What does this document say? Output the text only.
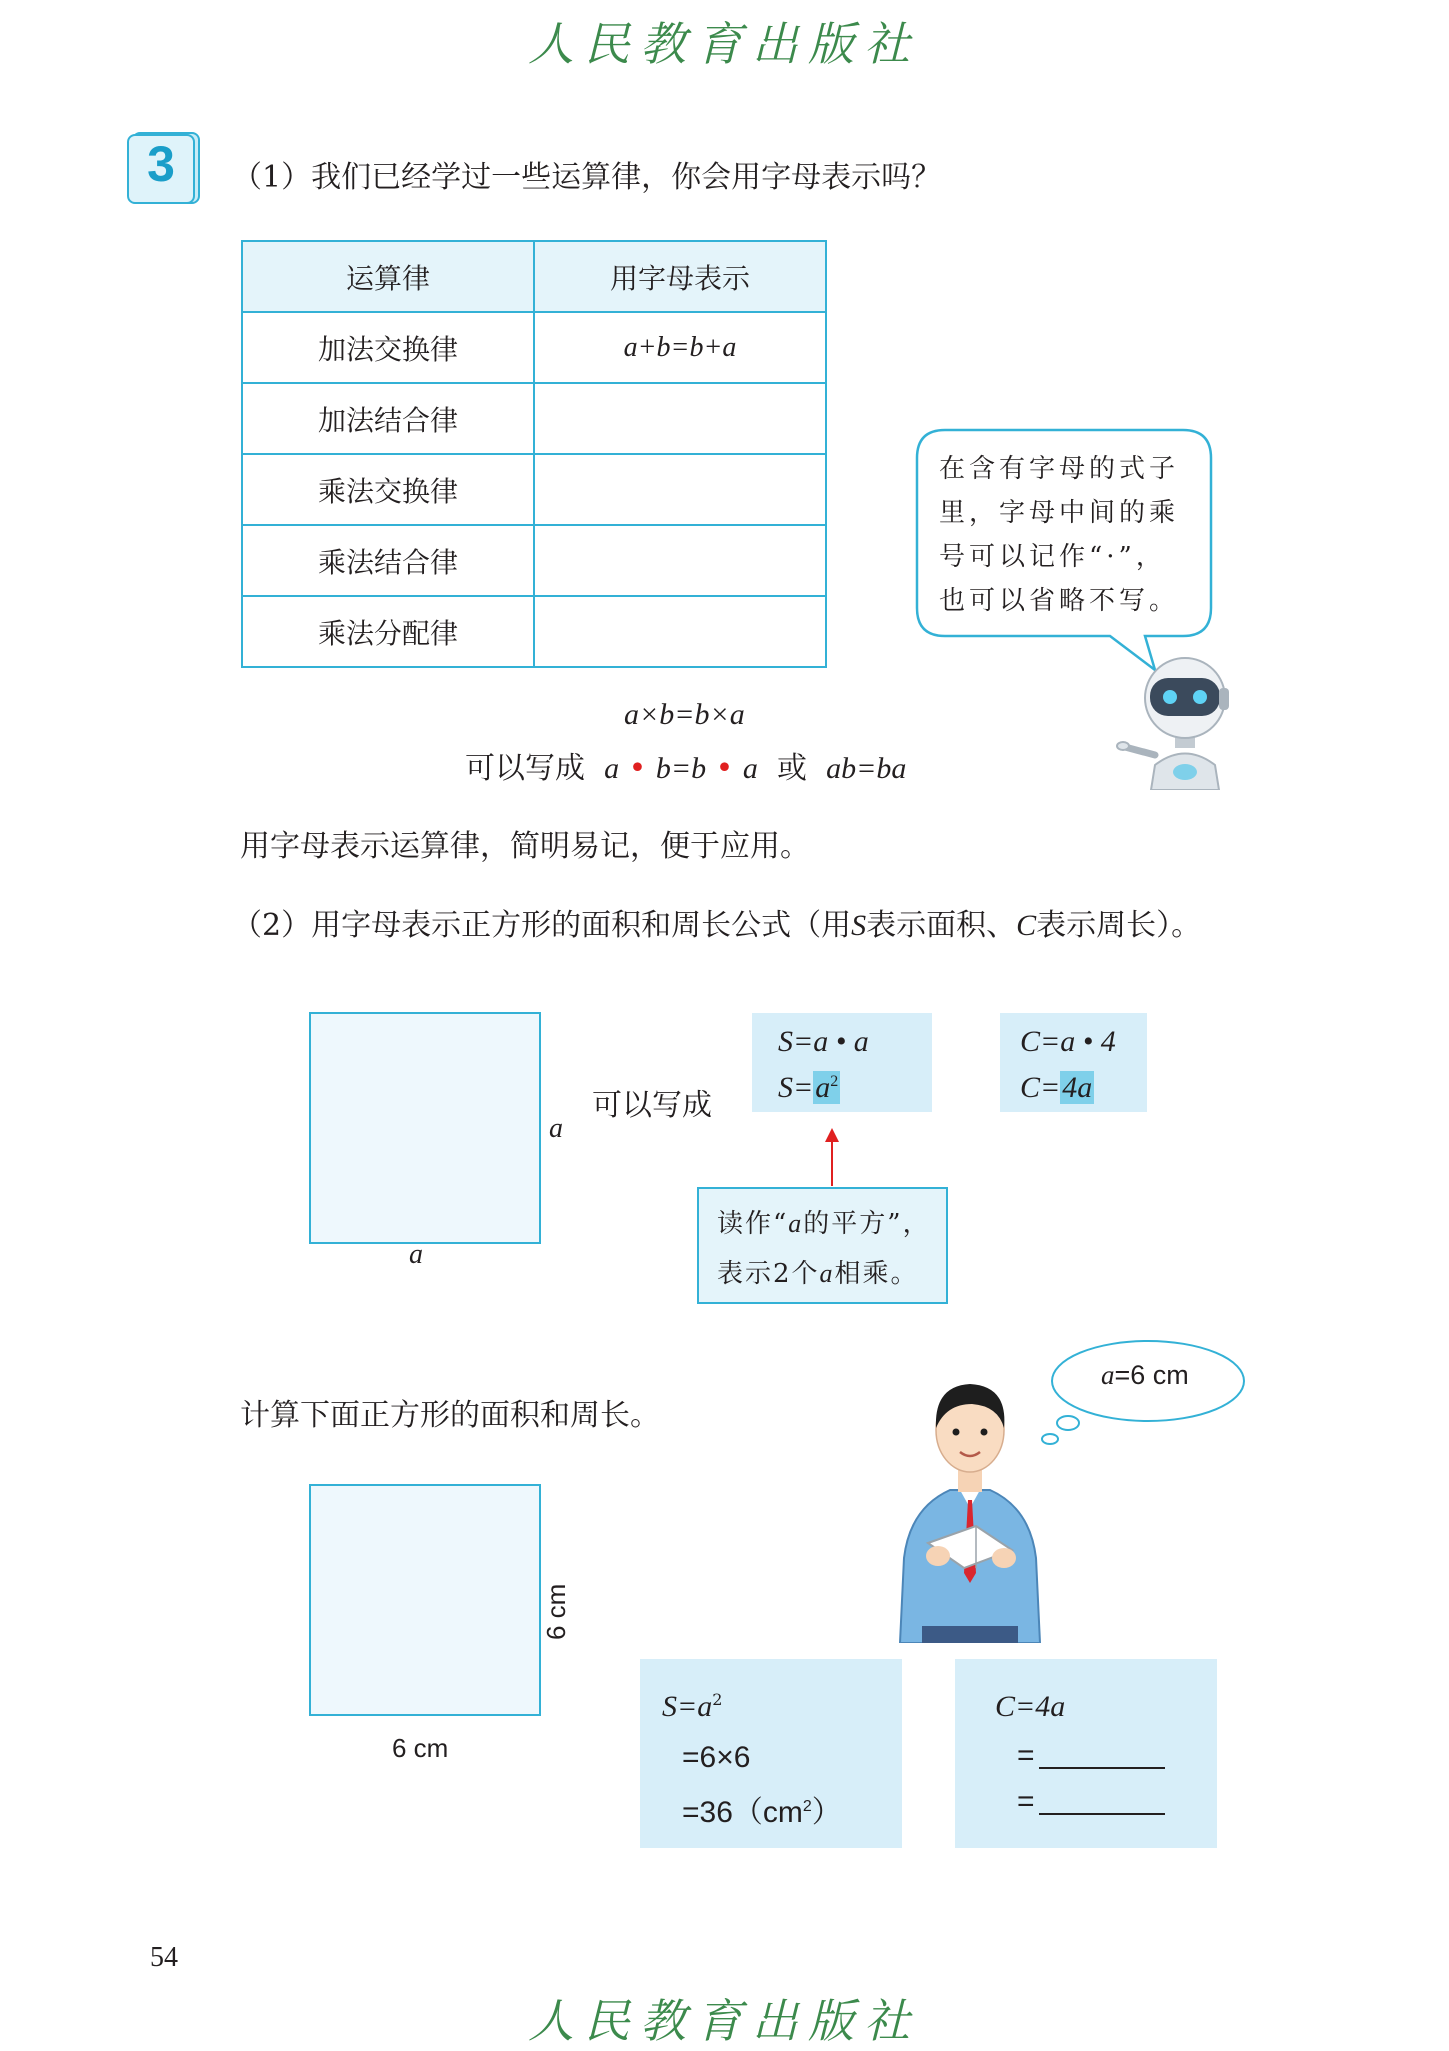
人民教育出版社
3	（1）我们已经学过一些运算律，你会用字母表示吗？
运算律	用字母表示
加法交换律	a+b=b+a
加法结合律	
乘法交换律	
乘法结合律	
乘法分配律	
在含有字母的式子
里，字母中间的乘
号可以记作“·”，
也可以省略不写。
a×b=b×a
可以写成 a • b=b • a 或 ab=ba
用字母表示运算律，简明易记，便于应用。
（2）用字母表示正方形的面积和周长公式（用S表示面积、C表示周长）。
a
a
可以写成
S=a • a
$S=a^2$
C=a • 4
C=4a
读作“a的平方”，
表示2个a相乘。
计算下面正方形的面积和周长。
a=6 cm
6 cm
6 cm
$S=a^2$
=6×6
$=36(cm^2)$
C=4a
=
=
54
人民教育出版社
